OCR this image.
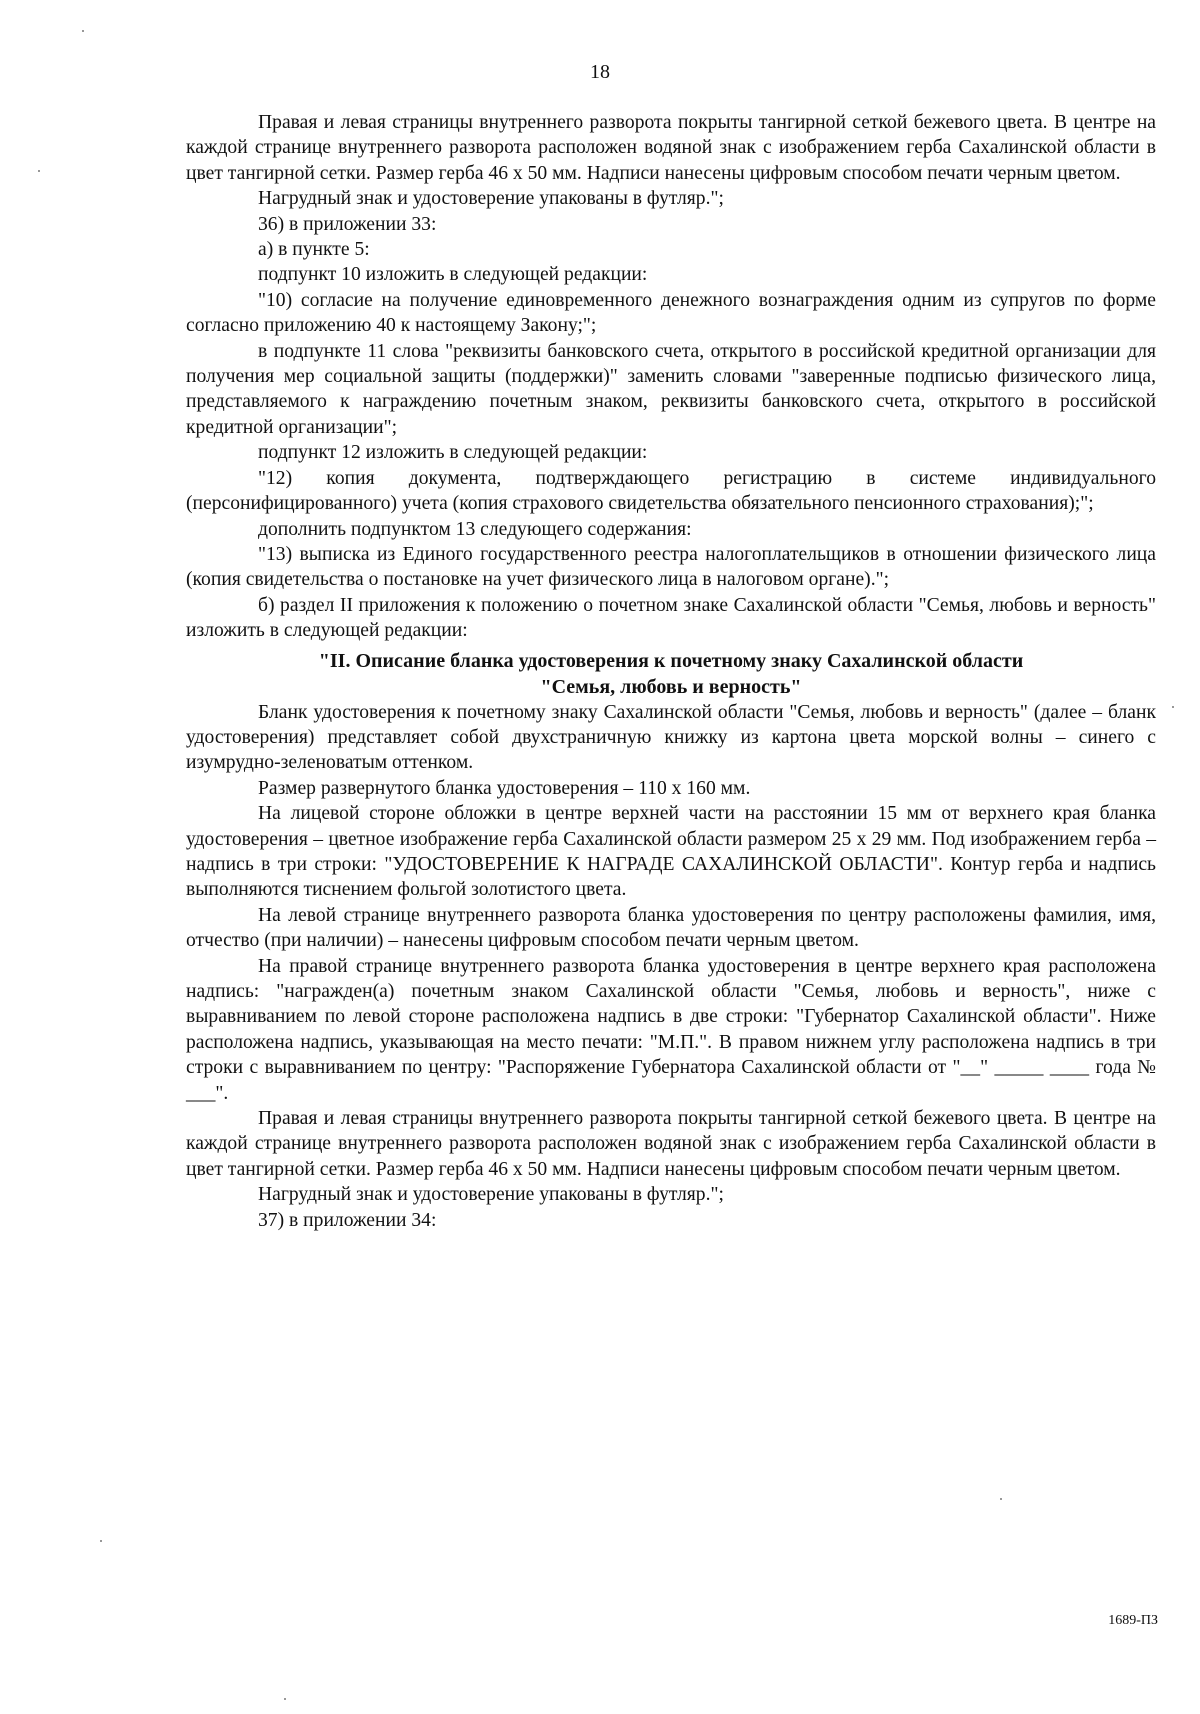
18

Правая и левая страницы внутреннего разворота покрыты тангирной сеткой бежевого цвета. В центре на каждой странице внутреннего разворота расположен водяной знак с изображением герба Сахалинской области в цвет тангирной сетки. Размер герба 46 х 50 мм. Надписи нанесены цифровым способом печати черным цветом.

Нагрудный знак и удостоверение упакованы в футляр.";

36) в приложении 33:

а) в пункте 5:

подпункт 10 изложить в следующей редакции:

"10) согласие на получение единовременного денежного вознаграждения одним из супругов по форме согласно приложению 40 к настоящему Закону;";

в подпункте 11 слова "реквизиты банковского счета, открытого в российской кредитной организации для получения мер социальной защиты (поддержки)" заменить словами "заверенные подписью физического лица, представляемого к награждению почетным знаком, реквизиты банковского счета, открытого в российской кредитной организации";

подпункт 12 изложить в следующей редакции:

"12) копия документа, подтверждающего регистрацию в системе индивидуального (персонифицированного) учета (копия страхового свидетельства обязательного пенсионного страхования);";

дополнить подпунктом 13 следующего содержания:

"13) выписка из Единого государственного реестра налогоплательщиков в отношении физического лица (копия свидетельства о постановке на учет физического лица в налоговом органе).";

б) раздел II приложения к положению о почетном знаке Сахалинской области "Семья, любовь и верность" изложить в следующей редакции:

"II. Описание бланка удостоверения к почетному знаку Сахалинской области
"Семья, любовь и верность"

Бланк удостоверения к почетному знаку Сахалинской области "Семья, любовь и верность" (далее – бланк удостоверения) представляет собой двухстраничную книжку из картона цвета морской волны – синего с изумрудно-зеленоватым оттенком.

Размер развернутого бланка удостоверения – 110 х 160 мм.

На лицевой стороне обложки в центре верхней части на расстоянии 15 мм от верхнего края бланка удостоверения – цветное изображение герба Сахалинской области размером 25 х 29 мм. Под изображением герба – надпись в три строки: "УДОСТОВЕРЕНИЕ К НАГРАДЕ САХАЛИНСКОЙ ОБЛАСТИ". Контур герба и надпись выполняются тиснением фольгой золотистого цвета.

На левой странице внутреннего разворота бланка удостоверения по центру расположены фамилия, имя, отчество (при наличии) – нанесены цифровым способом печати черным цветом.

На правой странице внутреннего разворота бланка удостоверения в центре верхнего края расположена надпись: "награжден(а) почетным знаком Сахалинской области "Семья, любовь и верность", ниже с выравниванием по левой стороне расположена надпись в две строки: "Губернатор Сахалинской области". Ниже расположена надпись, указывающая на место печати: "М.П.". В правом нижнем углу расположена надпись в три строки с выравниванием по центру: "Распоряжение Губернатора Сахалинской области от "__" _____ ____ года № ___".

Правая и левая страницы внутреннего разворота покрыты тангирной сеткой бежевого цвета. В центре на каждой странице внутреннего разворота расположен водяной знак с изображением герба Сахалинской области в цвет тангирной сетки. Размер герба 46 х 50 мм. Надписи нанесены цифровым способом печати черным цветом.

Нагрудный знак и удостоверение упакованы в футляр.";

37) в приложении 34:

1689-ПЗ
